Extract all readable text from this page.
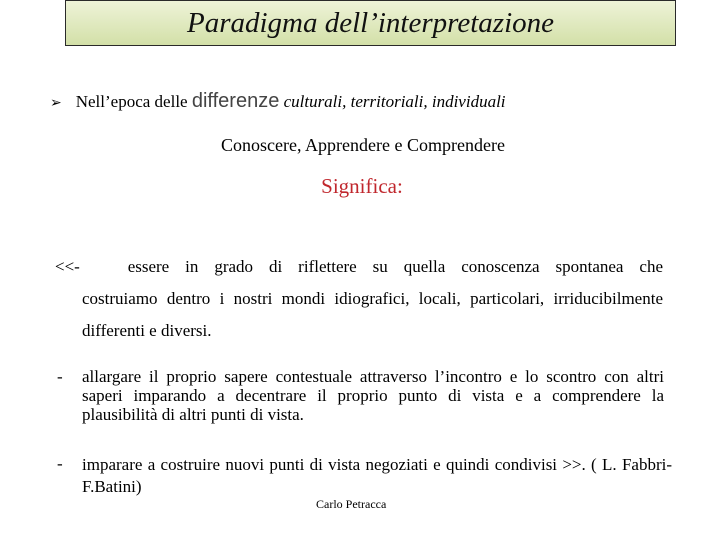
Paradigma dell’interpretazione
➢ Nell’epoca delle differenze culturali, territoriali, individuali
Conoscere, Apprendere e Comprendere
Significa:
<<-	essere in grado di riflettere su quella conoscenza spontanea che
costruiamo dentro i nostri mondi idiografici, locali, particolari, irriducibilmente differenti e diversi.
- allargare il proprio sapere contestuale attraverso l’incontro e lo scontro con altri saperi imparando a decentrare il proprio punto di vista e a comprendere la plausibilità di altri punti di vista.
- imparare a costruire nuovi punti di vista negoziati e quindi condivisi >>. ( L. Fabbri-F.Batini)
Carlo Petracca
